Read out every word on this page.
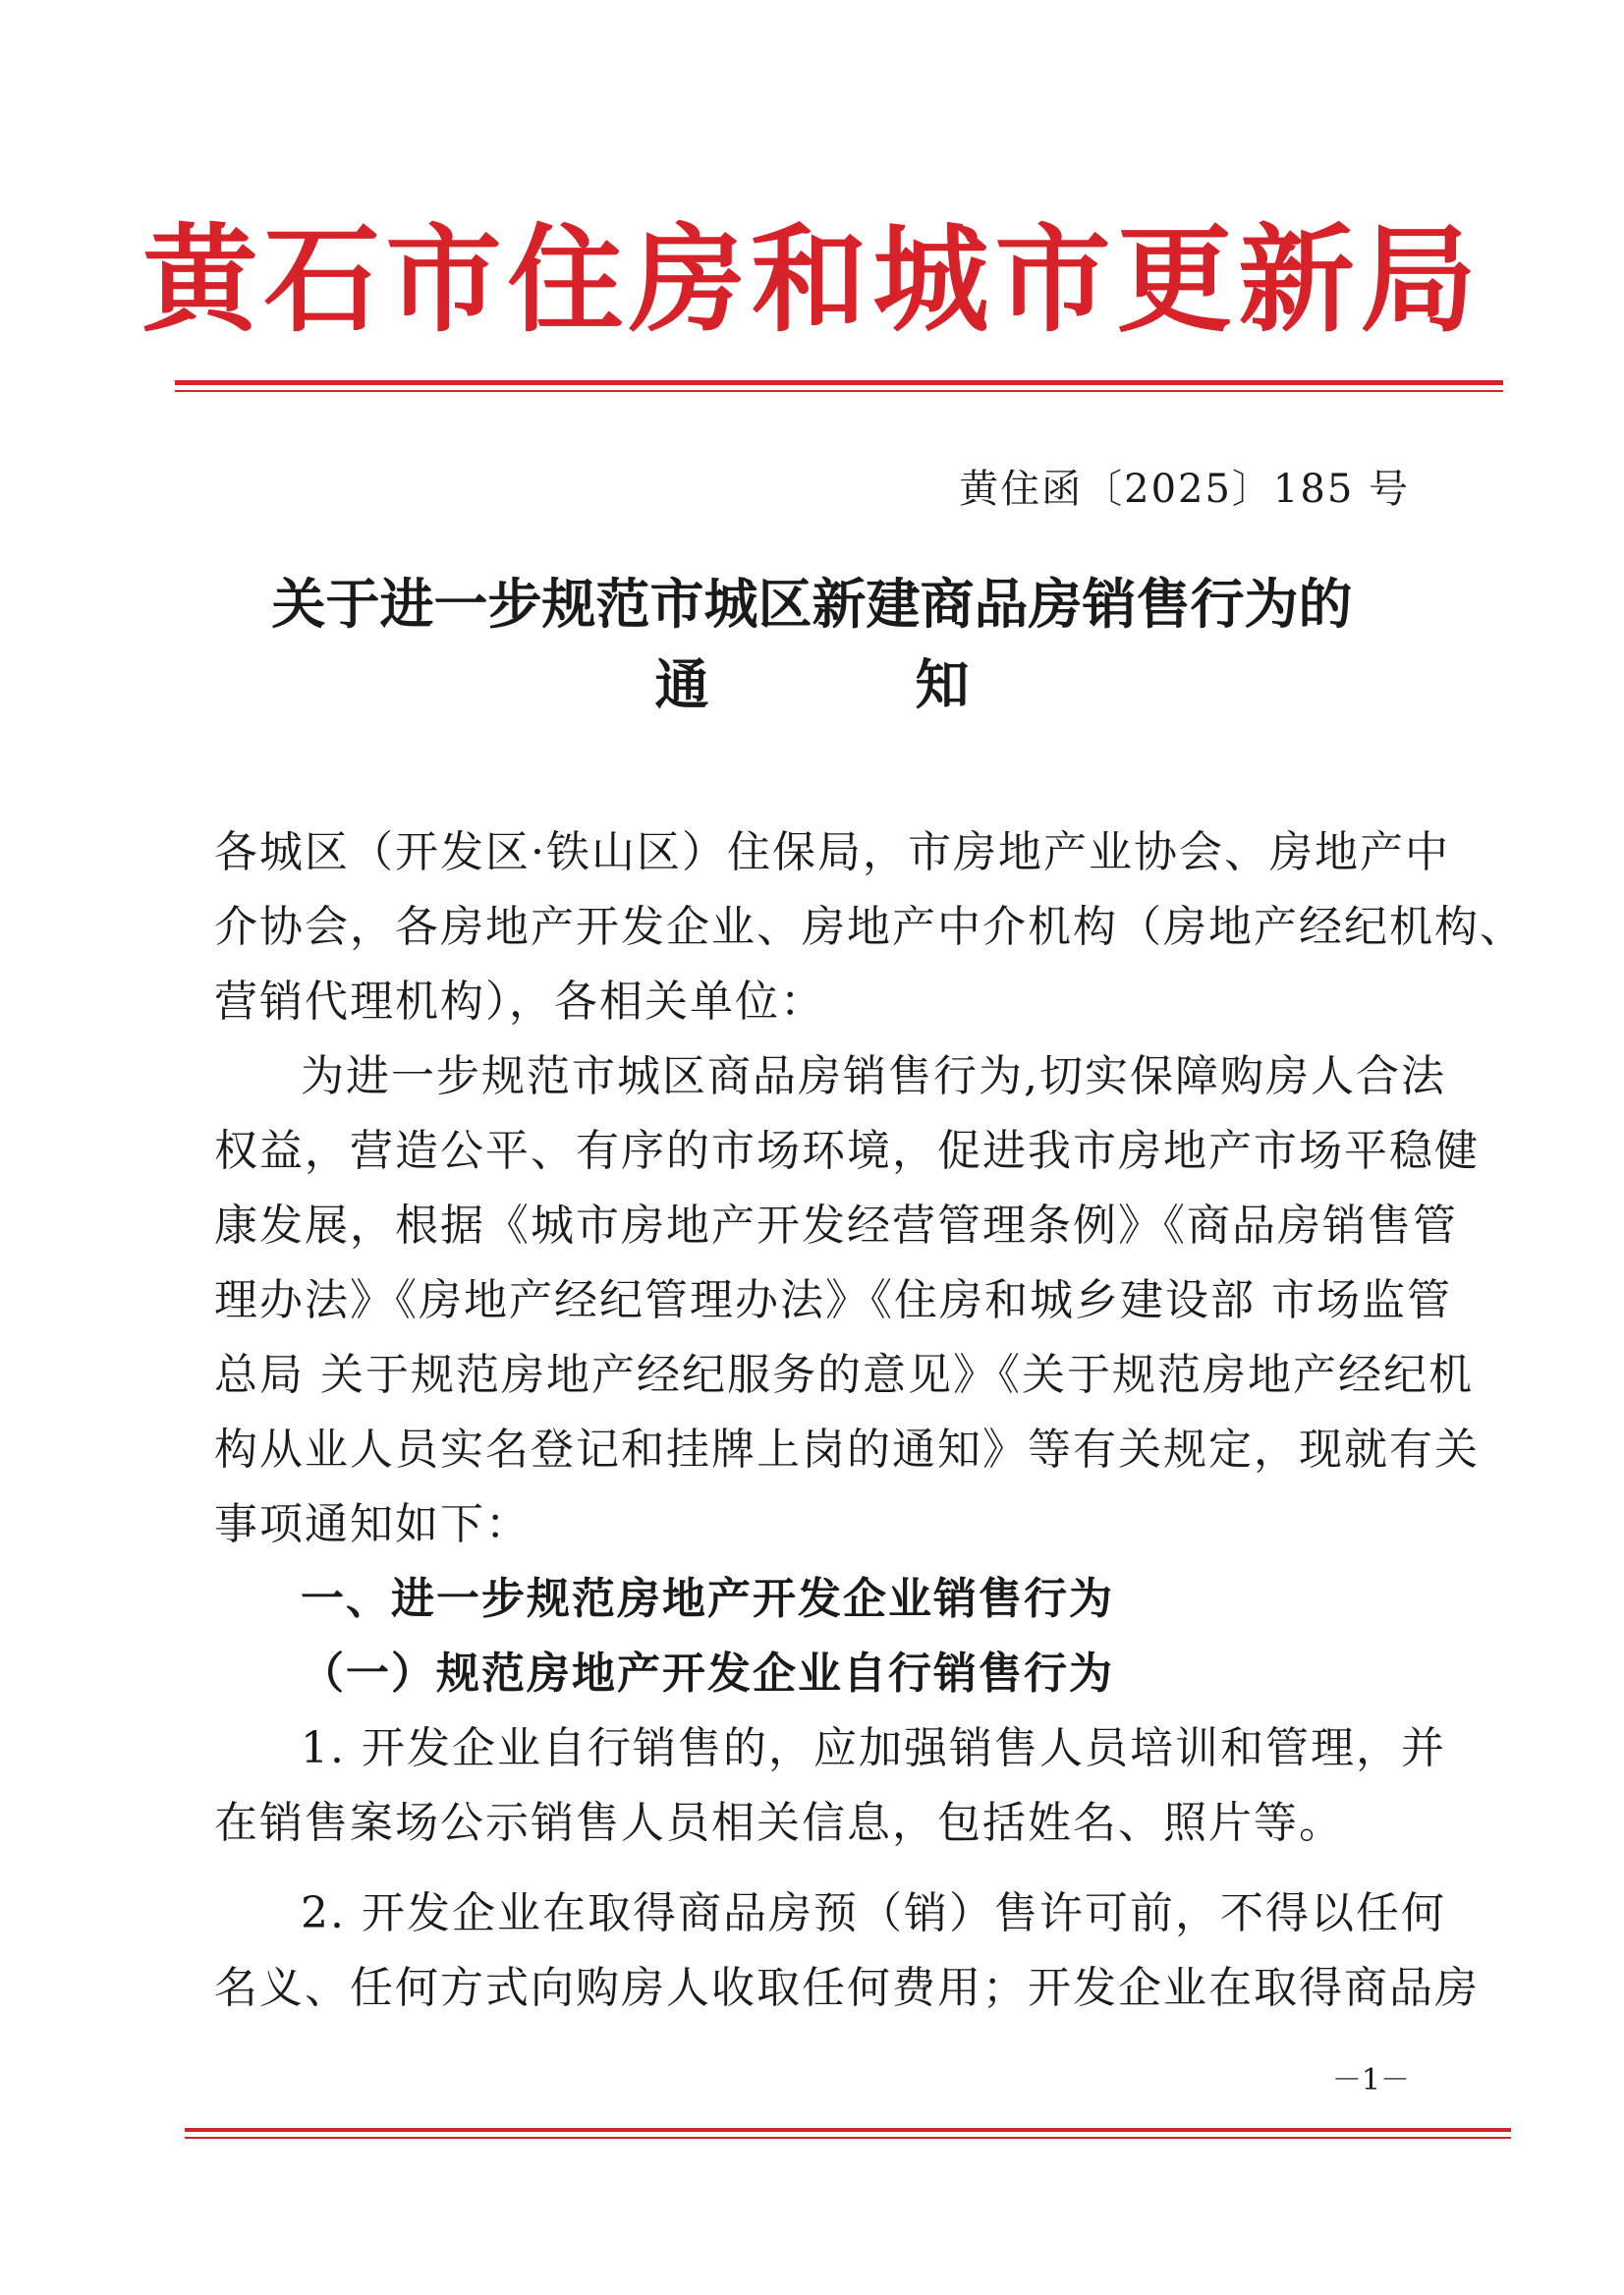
黄石市住房和城市更新局
黄住函〔2025〕185 号
关于进一步规范市城区新建商品房销售行为的
通	知
各城区（开发区·铁山区）住保局，市房地产业协会、房地产中
介协会，各房地产开发企业、房地产中介机构（房地产经纪机构、
营销代理机构），各相关单位：
为进一步规范市城区商品房销售行为,切实保障购房人合法
权益，营造公平、有序的市场环境，促进我市房地产市场平稳健
康发展，根据《城市房地产开发经营管理条例》《商品房销售管
理办法》《房地产经纪管理办法》《住房和城乡建设部 市场监管
总局 关于规范房地产经纪服务的意见》《关于规范房地产经纪机
构从业人员实名登记和挂牌上岗的通知》等有关规定，现就有关
事项通知如下：
一、进一步规范房地产开发企业销售行为
（一）规范房地产开发企业自行销售行为
1. 开发企业自行销售的，应加强销售人员培训和管理，并
在销售案场公示销售人员相关信息，包括姓名、照片等。
2. 开发企业在取得商品房预（销）售许可前，不得以任何
名义、任何方式向购房人收取任何费用；开发企业在取得商品房
－1－
